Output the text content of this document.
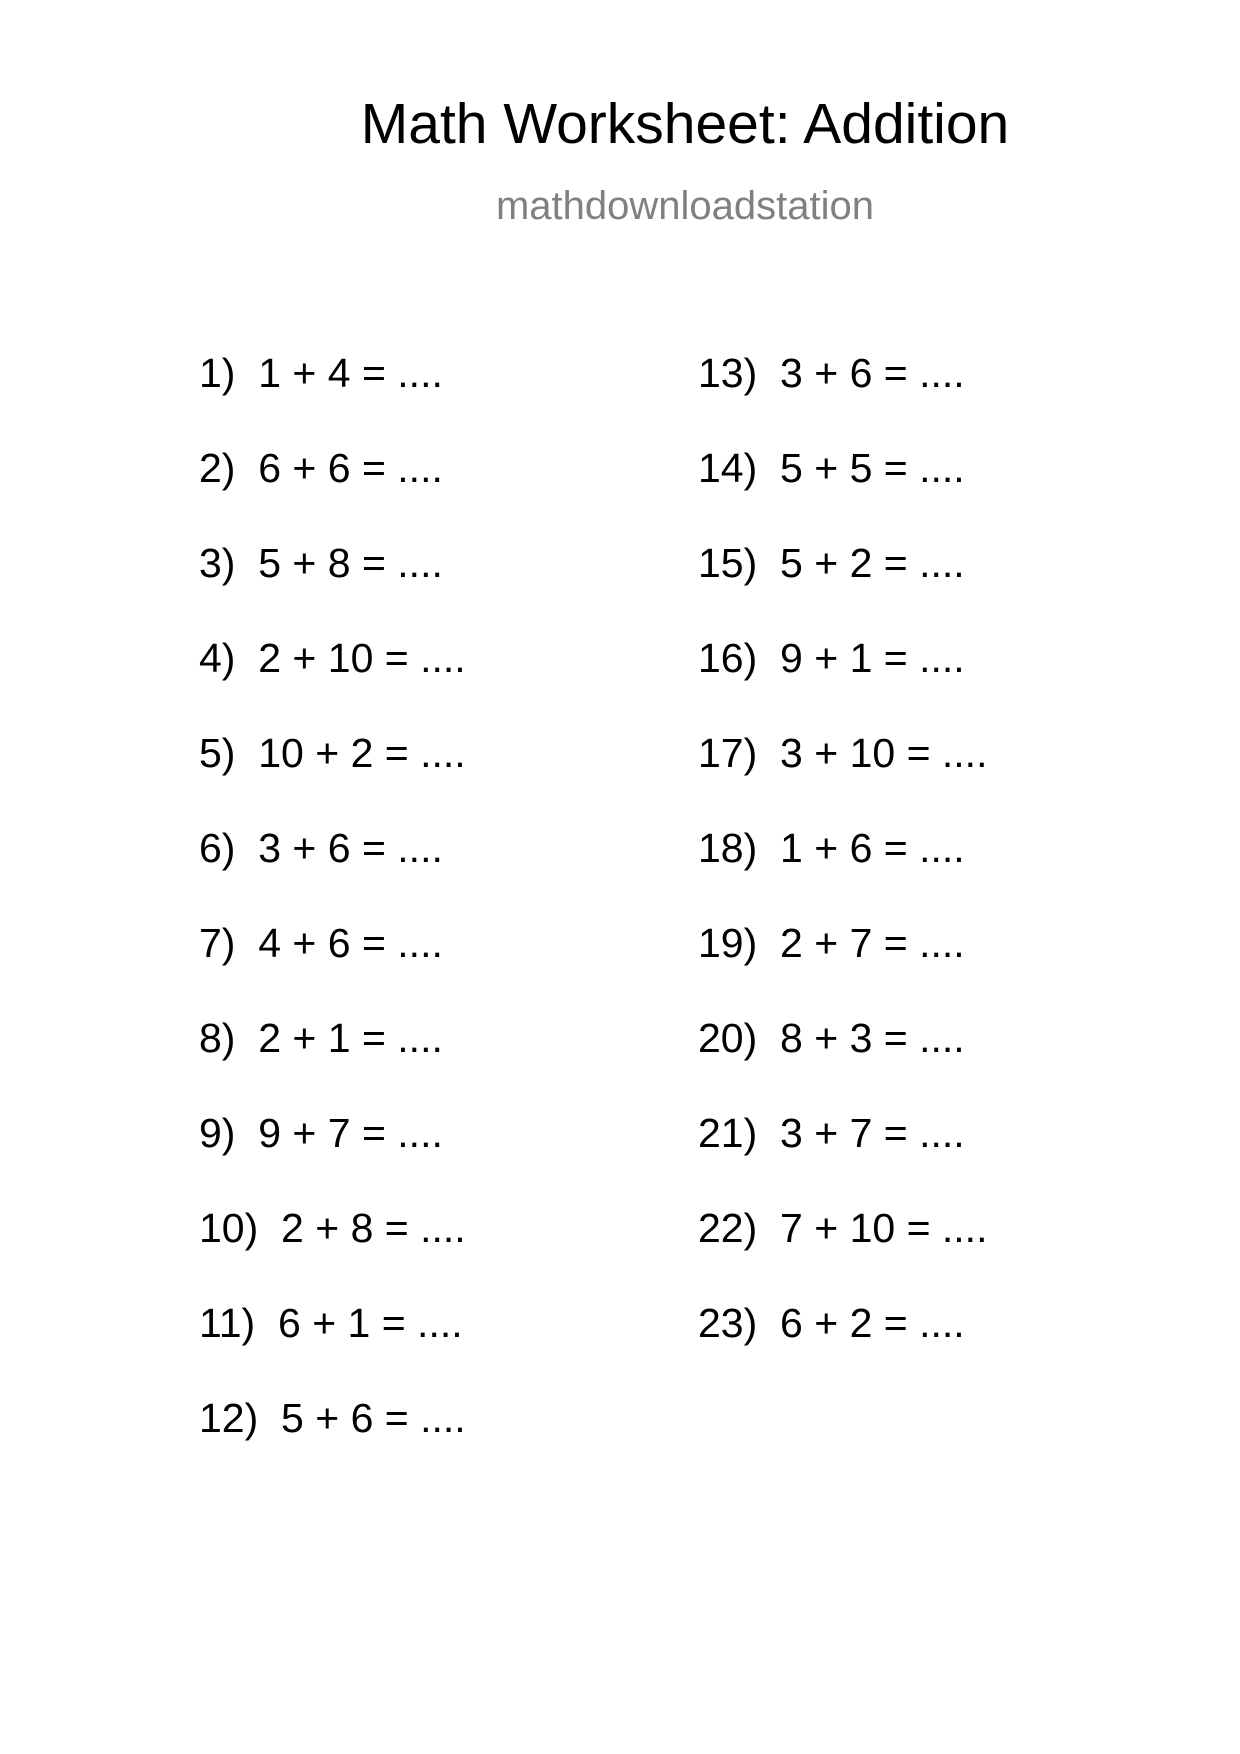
Math Worksheet: Addition
mathdownloadstation
1)  1 + 4 = ....
2)  6 + 6 = ....
3)  5 + 8 = ....
4)  2 + 10 = ....
5)  10 + 2 = ....
6)  3 + 6 = ....
7)  4 + 6 = ....
8)  2 + 1 = ....
9)  9 + 7 = ....
10)  2 + 8 = ....
11)  6 + 1 = ....
12)  5 + 6 = ....
13)  3 + 6 = ....
14)  5 + 5 = ....
15)  5 + 2 = ....
16)  9 + 1 = ....
17)  3 + 10 = ....
18)  1 + 6 = ....
19)  2 + 7 = ....
20)  8 + 3 = ....
21)  3 + 7 = ....
22)  7 + 10 = ....
23)  6 + 2 = ....
